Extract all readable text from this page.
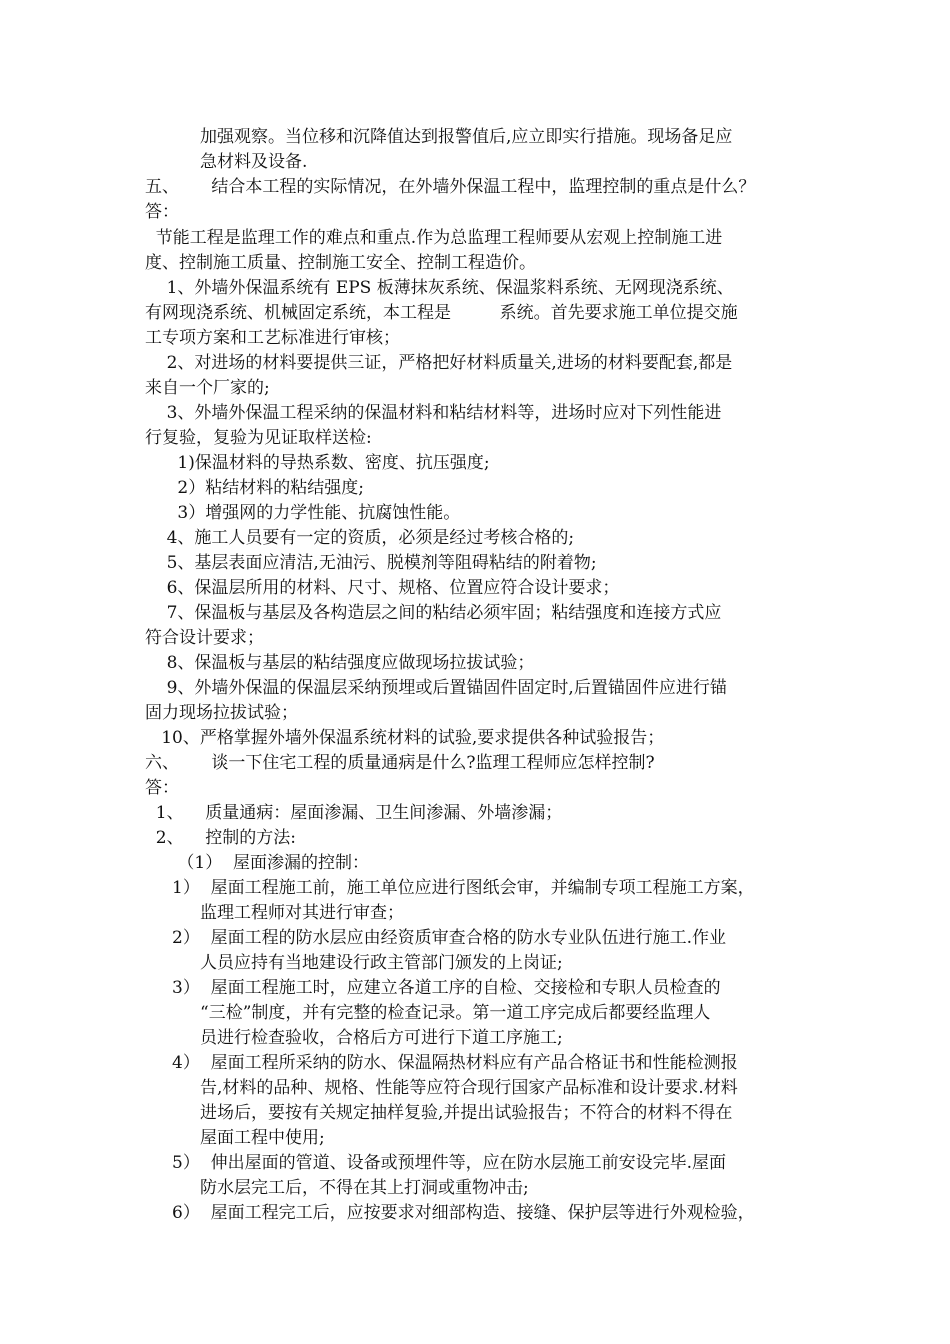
加强观察。当位移和沉降值达到报警值后,应立即实行措施。现场备足应
急材料及设备.
五、      结合本工程的实际情况，在外墙外保温工程中，监理控制的重点是什么？
答：
节能工程是监理工作的难点和重点.作为总监理工程师要从宏观上控制施工进
度、控制施工质量、控制施工安全、控制工程造价。
1、外墙外保温系统有 EPS 板薄抹灰系统、保温浆料系统、无网现浇系统、
有网现浇系统、机械固定系统，本工程是         系统。首先要求施工单位提交施
工专项方案和工艺标准进行审核；
2、对进场的材料要提供三证，严格把好材料质量关,进场的材料要配套,都是
来自一个厂家的;
3、外墙外保温工程采纳的保温材料和粘结材料等，进场时应对下列性能进
行复验，复验为见证取样送检:
1)保温材料的导热系数、密度、抗压强度;
2）粘结材料的粘结强度;
3）增强网的力学性能、抗腐蚀性能。
4、施工人员要有一定的资质，必须是经过考核合格的;
5、基层表面应清洁,无油污、脱模剂等阻碍粘结的附着物;
6、保温层所用的材料、尺寸、规格、位置应符合设计要求；
7、保温板与基层及各构造层之间的粘结必须牢固；粘结强度和连接方式应
符合设计要求；
8、保温板与基层的粘结强度应做现场拉拔试验；
9、外墙外保温的保温层采纳预埋或后置锚固件固定时,后置锚固件应进行锚
固力现场拉拔试验；
10、严格掌握外墙外保温系统材料的试验,要求提供各种试验报告；
六、      谈一下住宅工程的质量通病是什么?监理工程师应怎样控制?
答：
1、    质量通病：屋面渗漏、卫生间渗漏、外墙渗漏；
2、    控制的方法:
（1）  屋面渗漏的控制：
1）  屋面工程施工前，施工单位应进行图纸会审，并编制专项工程施工方案，
监理工程师对其进行审查；
2）  屋面工程的防水层应由经资质审查合格的防水专业队伍进行施工.作业
人员应持有当地建设行政主管部门颁发的上岗证;
3）  屋面工程施工时，应建立各道工序的自检、交接检和专职人员检查的
“三检”制度，并有完整的检查记录。第一道工序完成后都要经监理人
员进行检查验收，合格后方可进行下道工序施工;
4）  屋面工程所采纳的防水、保温隔热材料应有产品合格证书和性能检测报
告,材料的品种、规格、性能等应符合现行国家产品标准和设计要求.材料
进场后，要按有关规定抽样复验,并提出试验报告；不符合的材料不得在
屋面工程中使用;
5）  伸出屋面的管道、设备或预埋件等，应在防水层施工前安设完毕.屋面
防水层完工后，不得在其上打洞或重物冲击;
6）  屋面工程完工后，应按要求对细部构造、接缝、保护层等进行外观检验，
